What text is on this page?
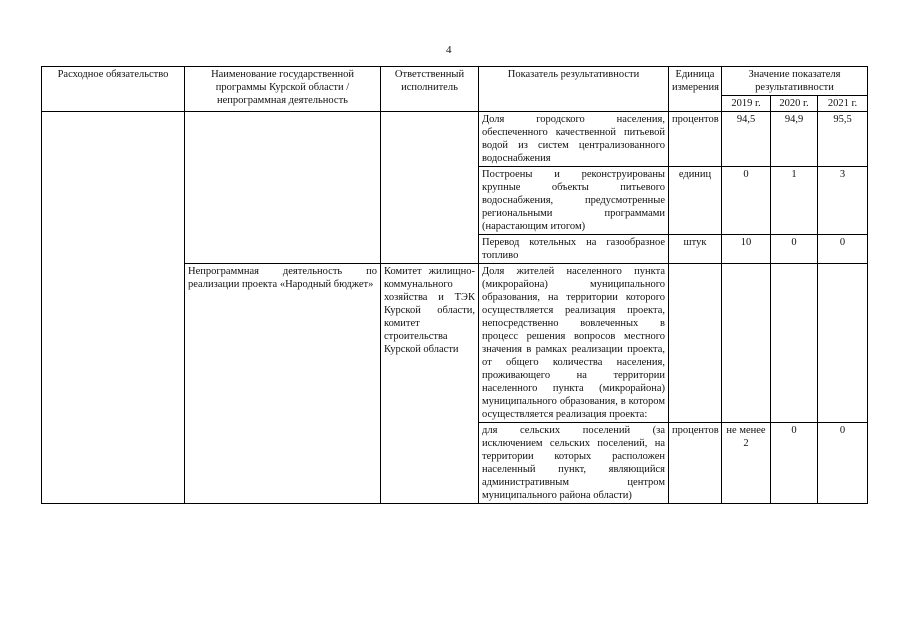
4
Расходное обязательство	Наименование государственной программы Курской области / непрограммная деятельность	Ответственный исполнитель	Показатель результативности	Единица измерения	Значение показателя результативности		
					2019 г.	2020 г.	2021 г.
			Доля городского населения, обеспеченного качественной питьевой водой из систем централизованного водоснабжения	процентов	94,5	94,9	95,5
			Построены и реконструированы крупные объекты питьевого водоснабжения, предусмотренные региональными программами (нарастающим итогом)	единиц	0	1	3
			Перевод котельных на газообразное топливо	штук	10	0	0
	Непрограммная деятельность по реализации проекта «Народный бюджет»	Комитет жилищно-коммунального хозяйства и ТЭК Курской области, комитет строительства Курской области	Доля жителей населенного пункта (микрорайона) муниципального образования, на территории которого осуществляется реализация проекта, непосредственно вовлеченных в процесс решения вопросов местного значения в рамках реализации проекта, от общего количества населения, проживающего на территории населенного пункта (микрорайона) муниципального образования, в котором осуществляется реализация проекта:				
			для сельских поселений (за исключением сельских поселений, на территории которых расположен населенный пункт, являющийся административным центром муниципального района области)	процентов	не менее 2	0	0
